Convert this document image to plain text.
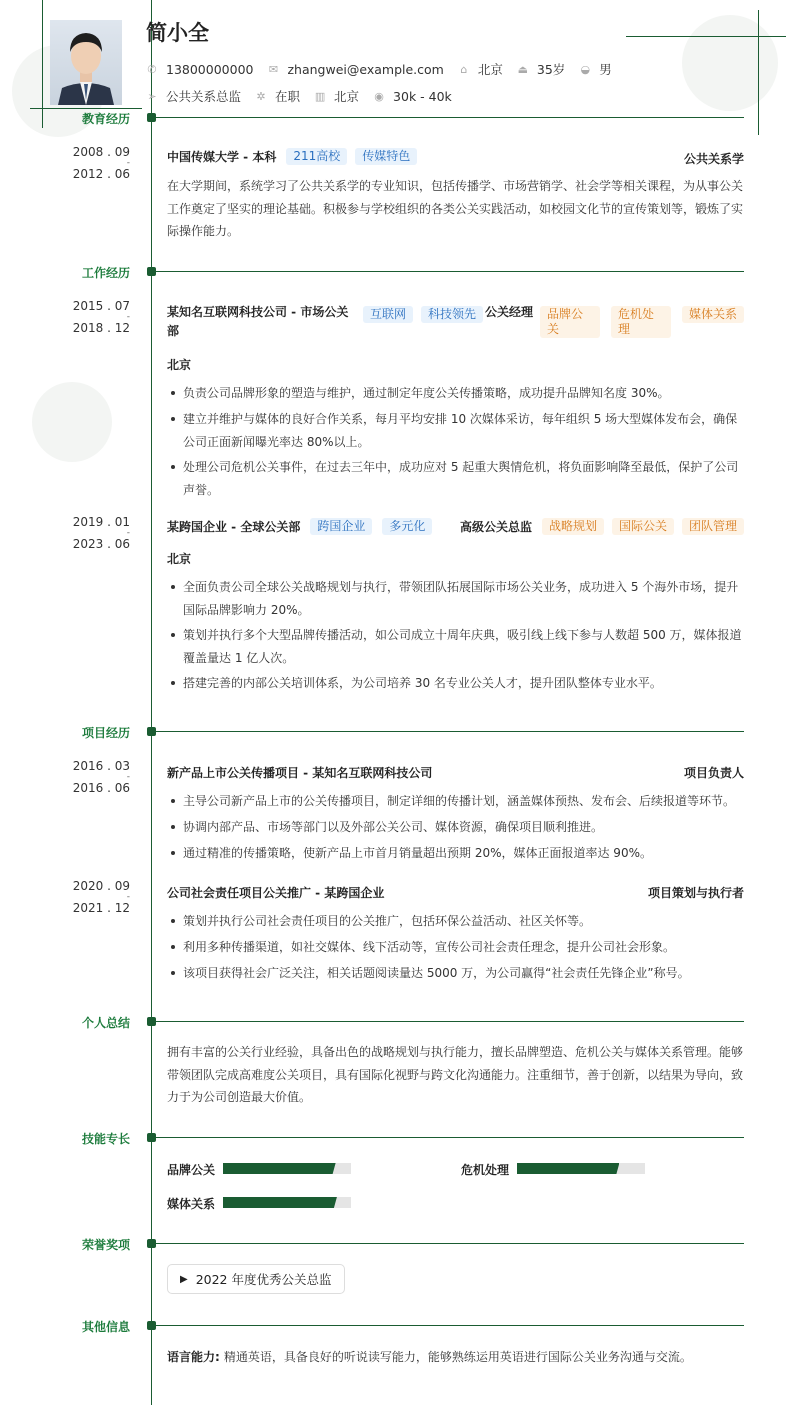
简小全
✆ 13800000000 ✉ zhangwei@example.com ⌂ 北京 ⏏ 35岁 ◒ 男
➢ 公共关系总监 ✲ 在职 ▥ 北京 ◉ 30k - 40k
教育经历
2008 . 09
-
2012 . 06
中国传媒大学 - 本科	211高校	传媒特色	公共关系学
在大学期间，系统学习了公共关系学的专业知识，包括传播学、市场营销学、社会学等相关课程，为从事公关工作奠定了坚实的理论基础。积极参与学校组织的各类公关实践活动，如校园文化节的宣传策划等，锻炼了实际操作能力。
工作经历
2015 . 07
-
2018 . 12
某知名互联网科技公司 - 市场公关部
互联网	科技领先 公关经理	品牌公关
危机处理
媒体关系
北京
负责公司品牌形象的塑造与维护，通过制定年度公关传播策略，成功提升品牌知名度 30%。
建立并维护与媒体的良好合作关系，每月平均安排 10 次媒体采访，每年组织 5 场大型媒体发布会，确保公司正面新闻曝光率达 80%以上。
处理公司危机公关事件，在过去三年中，成功应对 5 起重大舆情危机，将负面影响降至最低，保护了公司声誉。
2019 . 01
-
2023 . 06
某跨国企业 - 全球公关部	跨国企业	多元化	高级公关总监	战略规划	国际公关	团队管理
北京
全面负责公司全球公关战略规划与执行，带领团队拓展国际市场公关业务，成功进入 5 个海外市场，提升国际品牌影响力 20%。
策划并执行多个大型品牌传播活动，如公司成立十周年庆典，吸引线上线下参与人数超 500 万，媒体报道覆盖量达 1 亿人次。
搭建完善的内部公关培训体系，为公司培养 30 名专业公关人才，提升团队整体专业水平。
项目经历
2016 . 03
-
2016 . 06
新产品上市公关传播项目 - 某知名互联网科技公司	项目负责人
主导公司新产品上市的公关传播项目，制定详细的传播计划，涵盖媒体预热、发布会、后续报道等环节。
协调内部产品、市场等部门以及外部公关公司、媒体资源，确保项目顺利推进。
通过精准的传播策略，使新产品上市首月销量超出预期 20%，媒体正面报道率达 90%。
2020 . 09
-
2021 . 12
公司社会责任项目公关推广 - 某跨国企业	项目策划与执行者
策划并执行公司社会责任项目的公关推广，包括环保公益活动、社区关怀等。
利用多种传播渠道，如社交媒体、线下活动等，宣传公司社会责任理念，提升公司社会形象。
该项目获得社会广泛关注，相关话题阅读量达 5000 万，为公司赢得“社会责任先锋企业”称号。
个人总结
拥有丰富的公关行业经验，具备出色的战略规划与执行能力，擅长品牌塑造、危机公关与媒体关系管理。能够带领团队完成高难度公关项目，具有国际化视野与跨文化沟通能力。注重细节，善于创新，以结果为导向，致力于为公司创造最大价值。
技能专长
品牌公关	危机处理
媒体关系
荣誉奖项
▶ 2022 年度优秀公关总监
其他信息
语言能力: 精通英语，具备良好的听说读写能力，能够熟练运用英语进行国际公关业务沟通与交流。
